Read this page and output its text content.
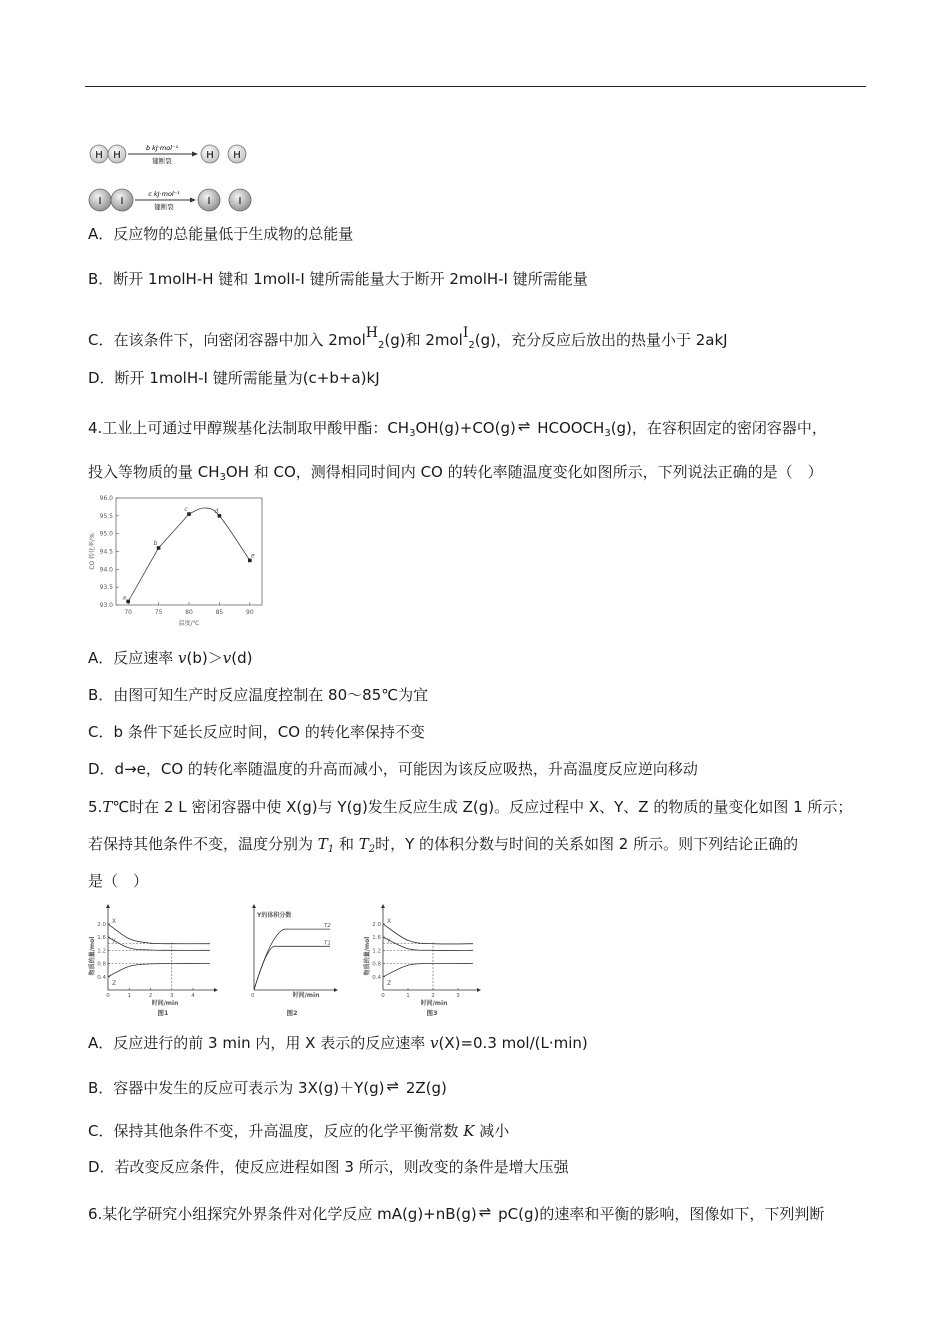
H H
b kJ·mol⁻¹
键断裂	H H
I I
c kJ·mol⁻¹
键断裂	I	I
A．反应物的总能量低于生成物的总能量
B．断开 1molH-H 键和 1molI-I 键所需能量大于断开 2molH-I 键所需能量
C．在该条件下，向密闭容器中加入 2molH$_2$(g)和 2molI$_2$(g)，充分反应后放出的热量小于 2akJ
D．断开 1molH-I 键所需能量为(c+b+a)kJ
4.工业上可通过甲醇羰基化法制取甲酸甲酯：$CH_3OH(g)+CO(g)$ ⇌ $HCOOCH_3(g)$，在容积固定的密闭容器中，
投入等物质的量 $CH_3OH$ 和 CO，测得相同时间内 CO 的转化率随温度变化如图所示，下列说法正确的是（　）
93.0
93.5
94.0
94.5
95.0
95.5
96.0
70	75	80	85	90
温度/℃
CO 转化率/%
a
b
c	d
e
A．反应速率 v(b)＞v(d)
B．由图可知生产时反应温度控制在 80～85℃为宜
C．b 条件下延长反应时间，CO 的转化率保持不变
D．d→e，CO 的转化率随温度的升高而减小，可能因为该反应吸热，升高温度反应逆向移动
5.T℃时在 2 L 密闭容器中使 X(g)与 Y(g)发生反应生成 Z(g)。反应过程中 X、Y、Z 的物质的量变化如图 1 所示；
若保持其他条件不变，温度分别为 $T_1$ 和 $T_2$时，Y 的体积分数与时间的关系如图 2 所示。则下列结论正确的
是（　）
0.4
0.8
1.2
1.6
2.0
0	1	2	3	4
时间/min
物质的量/mol
图1
X
Y
Z
Y的体积分数
0	时间/min
图2
T2
T1
0.4
0.8
1.2
1.6
2.0
0	1	2	3
时间/min
物质的量/mol
图3
X
Y
Z
A．反应进行的前 3 min 内，用 X 表示的反应速率 v(X)=0.3 mol/(L·min)
B．容器中发生的反应可表示为 3X(g)＋Y(g) ⇌ 2Z(g)
C．保持其他条件不变，升高温度，反应的化学平衡常数 K 减小
D．若改变反应条件，使反应进程如图 3 所示，则改变的条件是增大压强
6.某化学研究小组探究外界条件对化学反应 mA(g)+nB(g) ⇌ pC(g)的速率和平衡的影响，图像如下，下列判断
